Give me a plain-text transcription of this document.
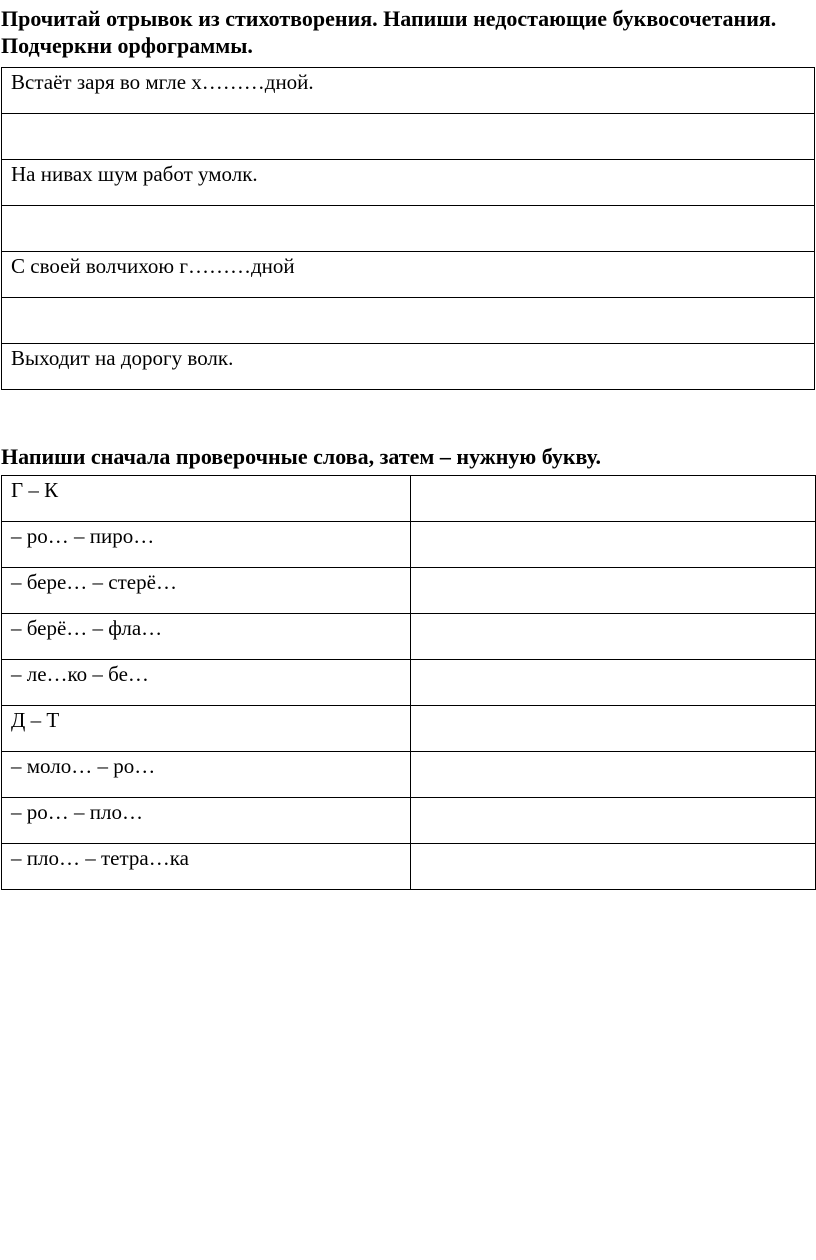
Прочитай отрывок из стихотворения. Напиши недостающие буквосочетания. Подчеркни орфограммы.
Встаёт заря во мгле х………дной.

На нивах шум работ умолк.

С своей волчихою г………дной

Выходит на дорогу волк.
Напиши сначала проверочные слова, затем – нужную букву.
Г – К	
– ро… – пиро…	
– бере… – стерё…	
– берё… – фла…	
– ле…ко – бе…	
Д – Т	
– моло… – ро…	
– ро… – пло…	
– пло… – тетра…ка	
